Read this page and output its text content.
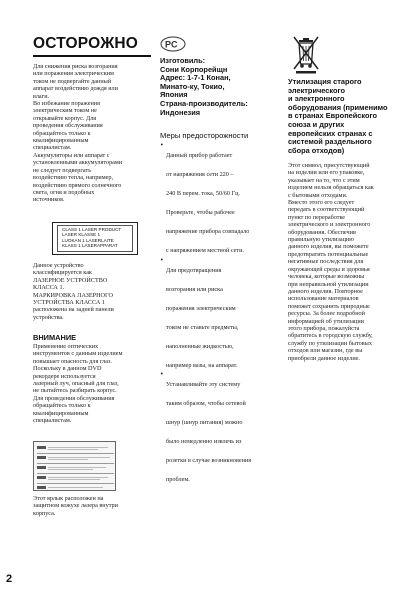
ОСТОРОЖНО
Для снижения риска возгорания
или поражения электрическим
током не подвергайте данный
аппарат воздействию дождя или
влаги.
Во избежание поражения
электрическим током не
открывайте корпус. Для
проведения обслуживания
обращайтесь только к
квалифицированным
специалистам.
Аккумуляторы или аппарат с
установленными аккумуляторами
не следует подвергать
воздействию тепла, например,
воздействию прямого солнечного
света, огня и подобных
источников.
CLASS 1 LASER PRODUCT
LASER KLASSE 1
LUOKAN 1 LASERLAITE
KLASS 1 LASERAPPARAT
Данное устройство
классифицируется как
ЛАЗЕРНОЕ УСТРОЙСТВО
КЛАССА 1.
МАРКИРОВКА ЛАЗЕРНОГО
УСТРОЙСТВА КЛАССА 1
расположена на задней панели
устройства.
ВНИМАНИЕ
Применение оптических
инструментов с данным изделием
повышает опасность для глаз.
Поскольку в данном DVD
рекордере используется
лазерный луч, опасный для глаз,
не пытайтесь разбирать корпус.
Для проведения обслуживания
обращайтесь только к
квалифицированным
специалистам.
Этот ярлык расположен на
защитном кожухе лазера внутри
корпуса.
PC
Изготовиль:
Сони Корпорейщн
Адрес: 1-7-1 Конан,
Минато-ку, Токио,
Япония
Страна-производитель:
Индонезия
Меры предосторожности
•
Данный прибор работает
от напряжения сети 220 –
240 В перем. тока, 50/60 Гц.
Проверьте, чтобы рабочее
напряжение прибора совпадало
с напряжением местной сети.
•
Для предотвращения
возгорания или риска
поражения электрическим
током не ставьте предметы,
наполненные жидкостью,
например вазы, на аппарат.
•
Устанавливайте эту систему
таким образом, чтобы сетевой
шнур (шнур питания) можно
было немедленно извлечь из
розетки в случае возникновения
проблем.
Утилизация старого
электрического
и электронного
оборудования (применимо
в странах Европейского
союза и других
европейских странах с
системой раздельного
сбора отходов)
Этот символ, присутствующий
на изделии или его упаковке,
указывает на то, что с этим
изделием нельзя обращаться как
с бытовыми отходами.
Вместо этого его следует
передать в соответствующий
пункт по переработке
электрического и электронного
оборудования. Обеспечив
правильную утилизацию
данного изделия, вы поможете
предотвратить потенциальные
негативные последствия для
окружающей среды и здоровья
человека, которые возможны
при неправильной утилизации
данного изделия. Повторное
использование материалов
поможет сохранить природные
ресурсы. За более подробной
информацией об утилизации
этого прибора, пожалуйста
обратитесь в городскую службу,
службу по утилизации бытовых
отходов или магазин, где вы
приобрели данное изделие.
2
